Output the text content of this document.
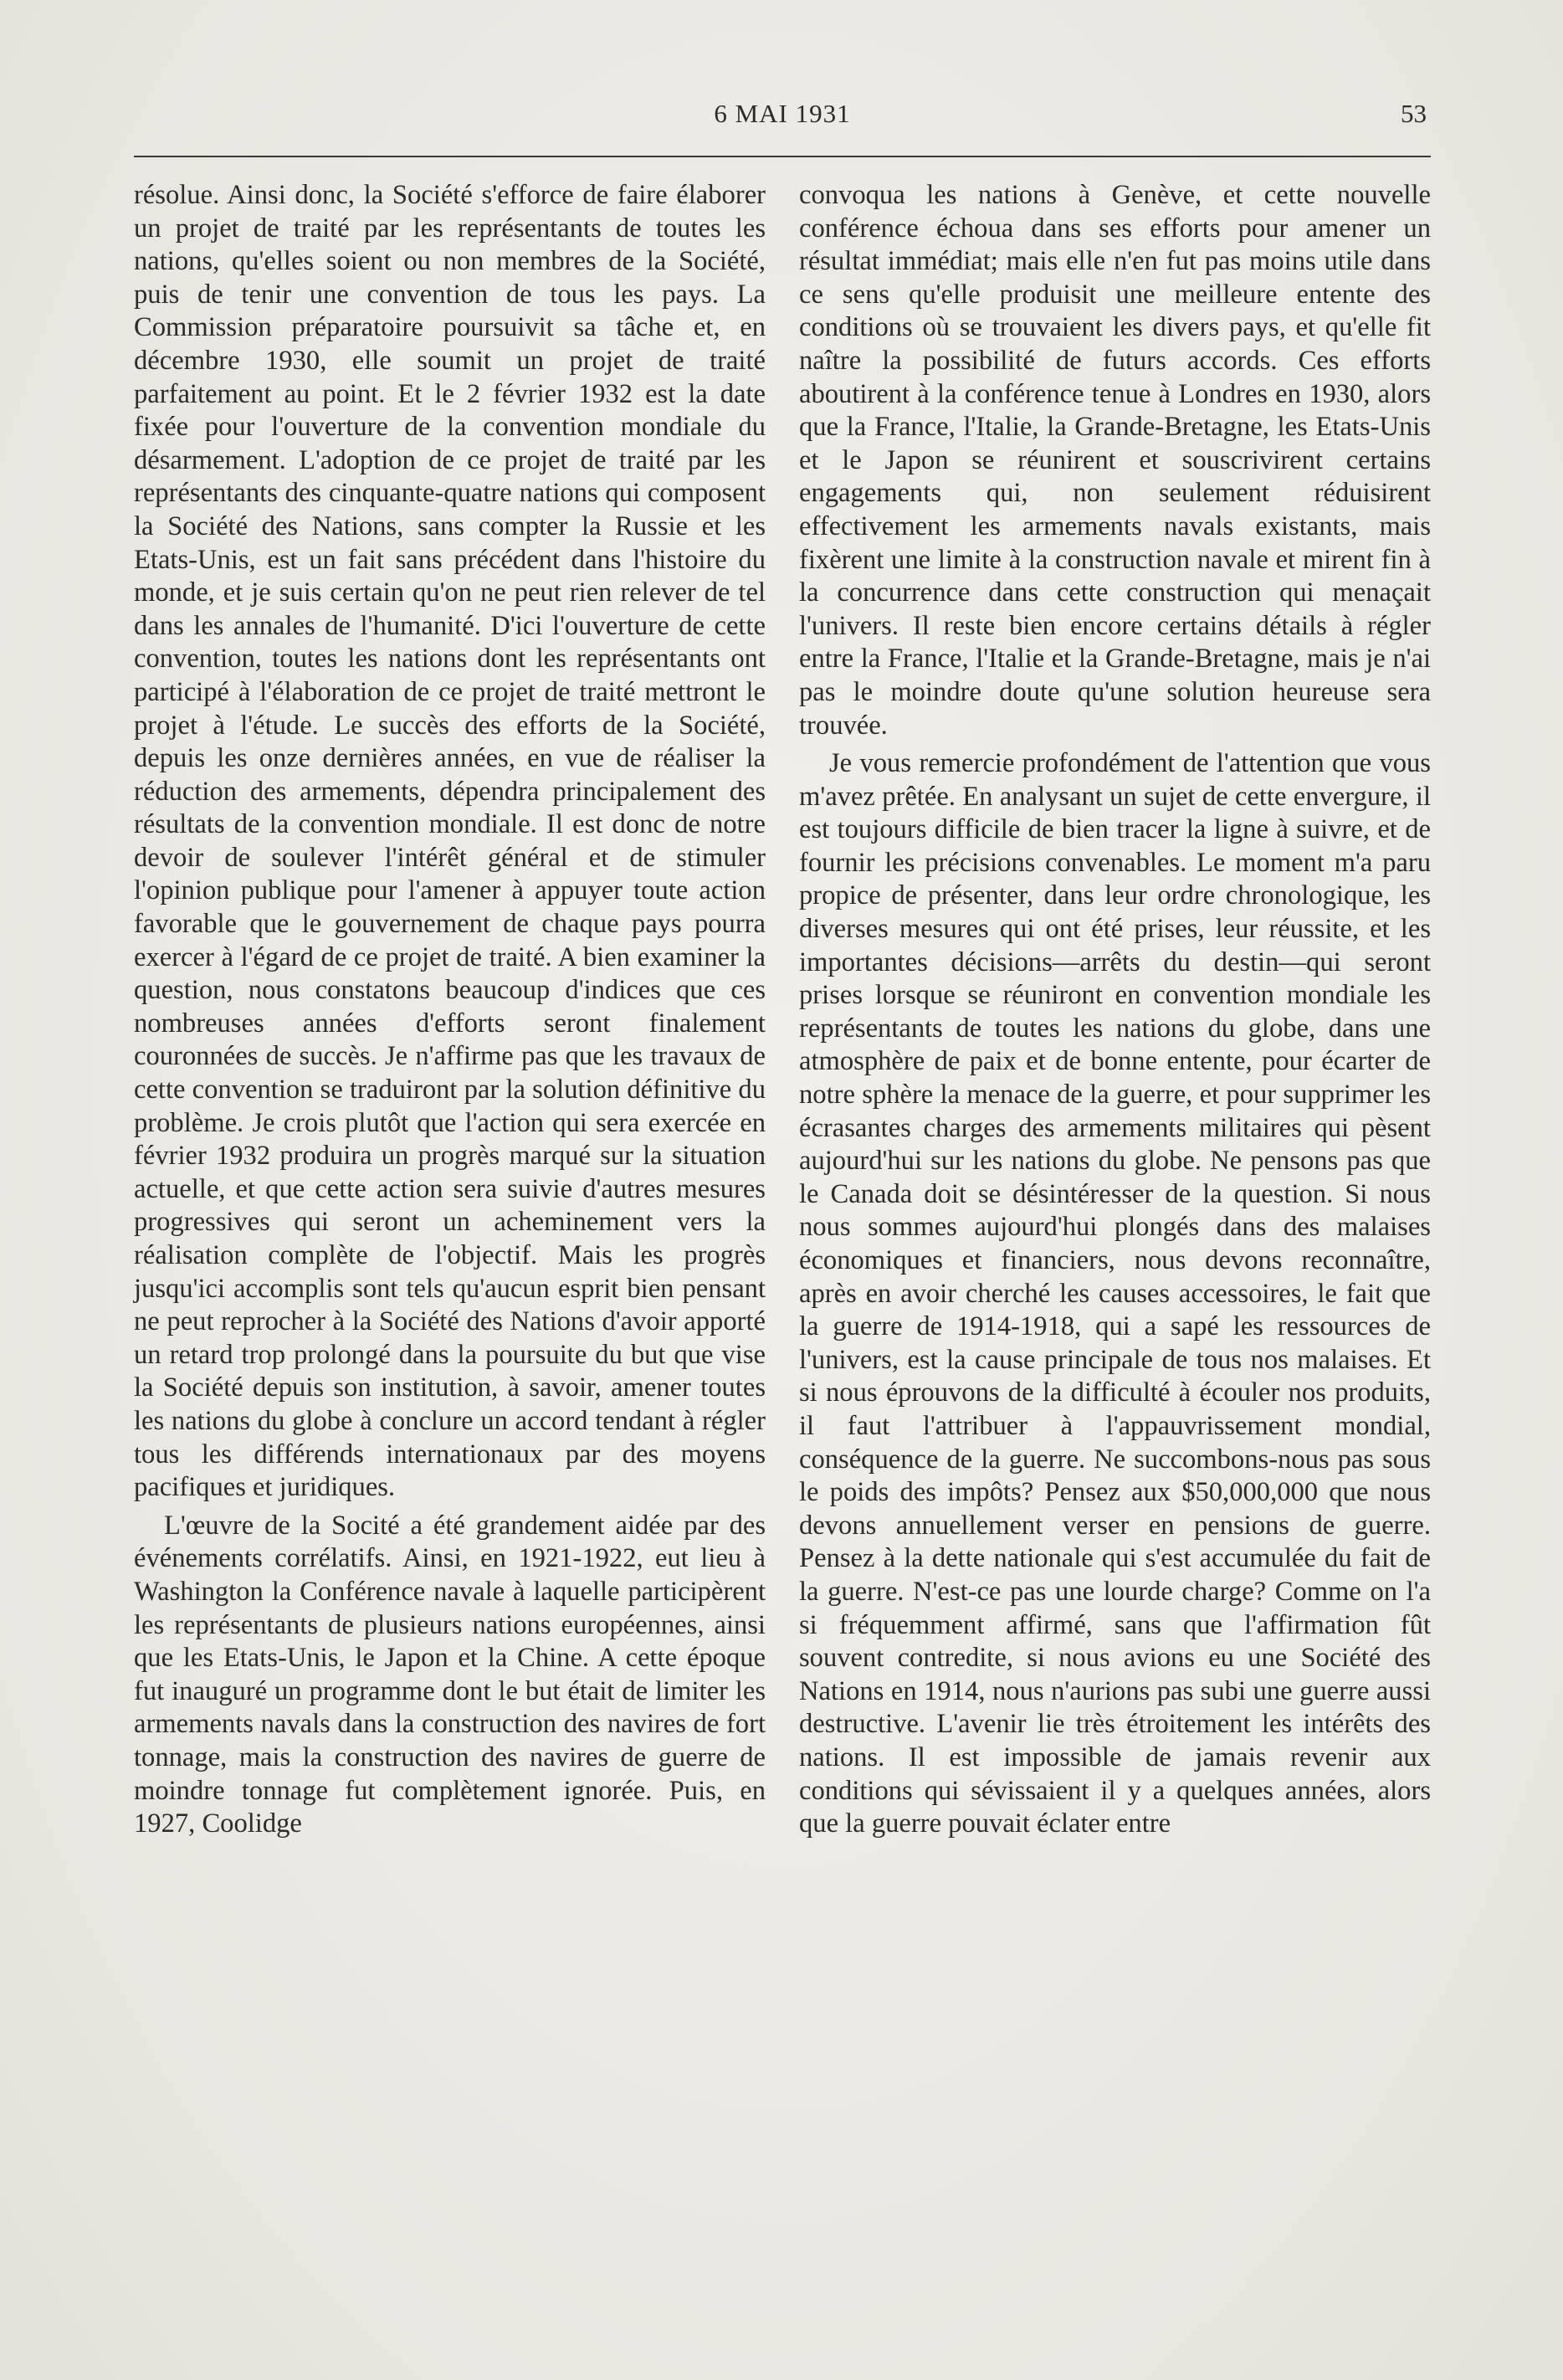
6 MAI 1931	53

résolue. Ainsi donc, la Société s'efforce de faire élaborer un projet de traité par les représentants de toutes les nations, qu'elles soient ou non membres de la Société, puis de tenir une convention de tous les pays. La Commission préparatoire poursuivit sa tâche et, en décembre 1930, elle soumit un projet de traité parfaitement au point. Et le 2 février 1932 est la date fixée pour l'ouverture de la convention mondiale du désarmement. L'adoption de ce projet de traité par les représentants des cinquante-quatre nations qui composent la Société des Nations, sans compter la Russie et les Etats-Unis, est un fait sans précédent dans l'histoire du monde, et je suis certain qu'on ne peut rien relever de tel dans les annales de l'humanité. D'ici l'ouverture de cette convention, toutes les nations dont les représentants ont participé à l'élaboration de ce projet de traité mettront le projet à l'étude. Le succès des efforts de la Société, depuis les onze dernières années, en vue de réaliser la réduction des armements, dépendra principalement des résultats de la convention mondiale. Il est donc de notre devoir de soulever l'intérêt général et de stimuler l'opinion publique pour l'amener à appuyer toute action favorable que le gouvernement de chaque pays pourra exercer à l'égard de ce projet de traité. A bien examiner la question, nous constatons beaucoup d'indices que ces nombreuses années d'efforts seront finalement couronnées de succès. Je n'affirme pas que les travaux de cette convention se traduiront par la solution définitive du problème. Je crois plutôt que l'action qui sera exercée en février 1932 produira un progrès marqué sur la situation actuelle, et que cette action sera suivie d'autres mesures progressives qui seront un acheminement vers la réalisation complète de l'objectif. Mais les progrès jusqu'ici accomplis sont tels qu'aucun esprit bien pensant ne peut reprocher à la Société des Nations d'avoir apporté un retard trop prolongé dans la poursuite du but que vise la Société depuis son institution, à savoir, amener toutes les nations du globe à conclure un accord tendant à régler tous les différends internationaux par des moyens pacifiques et juridiques.

L'œuvre de la Socité a été grandement aidée par des événements corrélatifs. Ainsi, en 1921-1922, eut lieu à Washington la Conférence navale à laquelle participèrent les représentants de plusieurs nations européennes, ainsi que les Etats-Unis, le Japon et la Chine. A cette époque fut inauguré un programme dont le but était de limiter les armements navals dans la construction des navires de fort tonnage, mais la construction des navires de guerre de moindre tonnage fut complètement ignorée. Puis, en 1927, Coolidge

convoqua les nations à Genève, et cette nouvelle conférence échoua dans ses efforts pour amener un résultat immédiat; mais elle n'en fut pas moins utile dans ce sens qu'elle produisit une meilleure entente des conditions où se trouvaient les divers pays, et qu'elle fit naître la possibilité de futurs accords. Ces efforts aboutirent à la conférence tenue à Londres en 1930, alors que la France, l'Italie, la Grande-Bretagne, les Etats-Unis et le Japon se réunirent et souscrivirent certains engagements qui, non seulement réduisirent effectivement les armements navals existants, mais fixèrent une limite à la construction navale et mirent fin à la concurrence dans cette construction qui menaçait l'univers. Il reste bien encore certains détails à régler entre la France, l'Italie et la Grande-Bretagne, mais je n'ai pas le moindre doute qu'une solution heureuse sera trouvée.

Je vous remercie profondément de l'attention que vous m'avez prêtée. En analysant un sujet de cette envergure, il est toujours difficile de bien tracer la ligne à suivre, et de fournir les précisions convenables. Le moment m'a paru propice de présenter, dans leur ordre chronologique, les diverses mesures qui ont été prises, leur réussite, et les importantes décisions—arrêts du destin—qui seront prises lorsque se réuniront en convention mondiale les représentants de toutes les nations du globe, dans une atmosphère de paix et de bonne entente, pour écarter de notre sphère la menace de la guerre, et pour supprimer les écrasantes charges des armements militaires qui pèsent aujourd'hui sur les nations du globe. Ne pensons pas que le Canada doit se désintéresser de la question. Si nous nous sommes aujourd'hui plongés dans des malaises économiques et financiers, nous devons reconnaître, après en avoir cherché les causes accessoires, le fait que la guerre de 1914-1918, qui a sapé les ressources de l'univers, est la cause principale de tous nos malaises. Et si nous éprouvons de la difficulté à écouler nos produits, il faut l'attribuer à l'appauvrissement mondial, conséquence de la guerre. Ne succombons-nous pas sous le poids des impôts? Pensez aux $50,000,000 que nous devons annuellement verser en pensions de guerre. Pensez à la dette nationale qui s'est accumulée du fait de la guerre. N'est-ce pas une lourde charge? Comme on l'a si fréquemment affirmé, sans que l'affirmation fût souvent contredite, si nous avions eu une Société des Nations en 1914, nous n'aurions pas subi une guerre aussi destructive. L'avenir lie très étroitement les intérêts des nations. Il est impossible de jamais revenir aux conditions qui sévissaient il y a quelques années, alors que la guerre pouvait éclater entre
